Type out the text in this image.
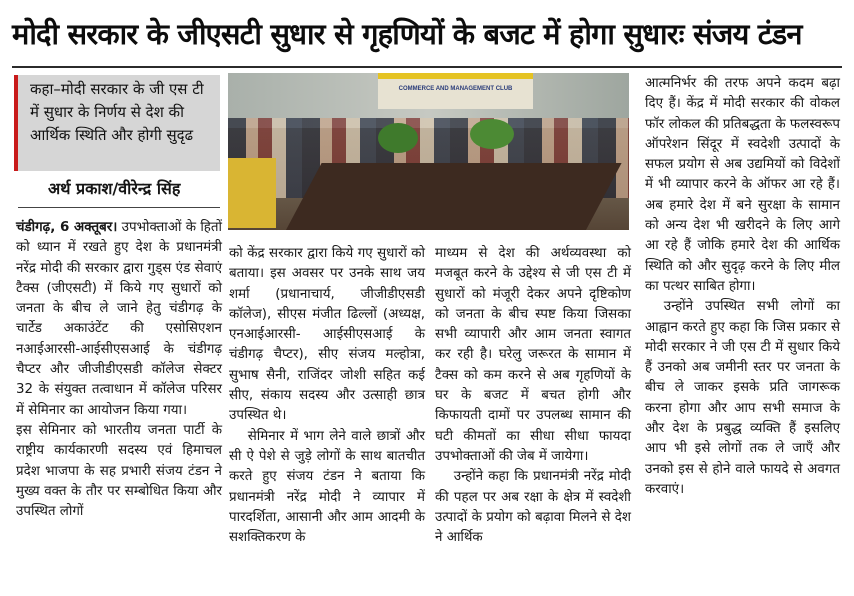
मोदी सरकार के जीएसटी सुधार से गृहणियों के बजट में होगा सुधारः संजय टंडन
कहा–मोदी सरकार के जी एस टी में सुधार के निर्णय से देश की आर्थिक स्थिति और होगी सुदृढ
अर्थ प्रकाश/वीरेन्द्र सिंह
COMMERCE AND MANAGEMENT CLUB

चंडीगढ़, 6 अक्तूबर। उपभोक्ताओं के हितों को ध्यान में रखते हुए देश के प्रधानमंत्री नरेंद्र मोदी की सरकार द्वारा गुड्स एंड सेवाएं टैक्स (जीएसटी) में किये गए सुधारों को जनता के बीच ले जाने हेतु चंडीगढ़ के चार्टेड अकाउंटेंट की एसोसिएशन नआईआरसी-आईसीएसआई के चंडीगढ़ चैप्टर और जीजीडीएसडी कॉलेज सेक्टर 32 के संयुक्त तत्वाधान में कॉलेज परिसर में सेमिनार का आयोजन किया गया।

इस सेमिनार को भारतीय जनता पार्टी के राष्ट्रीय कार्यकारणी सदस्य एवं हिमाचल प्रदेश भाजपा के सह प्रभारी संजय टंडन ने मुख्य वक्त के तौर पर सम्बोधित किया और उपस्थित लोगों

को केंद्र सरकार द्वारा किये गए सुधारों को बताया। इस अवसर पर उनके साथ जय शर्मा (प्रधानाचार्य, जीजीडीएसडी कॉलेज), सीएस मंजीत ढिल्लों (अध्यक्ष, एनआईआरसी- आईसीएसआई के चंडीगढ़ चैप्टर), सीए संजय मल्होत्रा, सुभाष सैनी, राजिंदर जोशी सहित कई सीए, संकाय सदस्य और उत्साही छात्र उपस्थित थे।

सेमिनार में भाग लेने वाले छात्रों और सी ऐ पेशे से जुड़े लोगों के साथ बातचीत करते हुए संजय टंडन ने बताया कि प्रधानमंत्री नरेंद्र मोदी ने व्यापार में पारदर्शिता, आसानी और आम आदमी के सशक्तिकरण के

माध्यम से देश की अर्थव्यवस्था को मजबूत करने के उद्देश्य से जी एस टी में सुधारों को मंजूरी देकर अपने दृष्टिकोण को जनता के बीच स्पष्ट किया जिसका सभी व्यापारी और आम जनता स्वागत कर रही है। घरेलु जरूरत के सामान में टैक्स को कम करने से अब गृहणियों के घर के बजट में बचत होगी और किफायती दामों पर उपलब्ध सामान की घटी कीमतों का सीधा सीधा फायदा उपभोक्ताओं की जेब में जायेगा।

उन्होंने कहा कि प्रधानमंत्री नरेंद्र मोदी की पहल पर अब रक्षा के क्षेत्र में स्वदेशी उत्पादों के प्रयोग को बढ़ावा मिलने से देश ने आर्थिक

आत्मनिर्भर की तरफ अपने कदम बढ़ा दिए हैं। केंद्र में मोदी सरकार की वोकल फॉर लोकल की प्रतिबद्धता के फलस्वरूप ऑपरेशन सिंदूर में स्वदेशी उत्पादों के सफल प्रयोग से अब उद्यमियों को विदेशों में भी व्यापार करने के ऑफर आ रहे हैं। अब हमारे देश में बने सुरक्षा के सामान को अन्य देश भी खरीदने के लिए आगे आ रहे हैं जोकि हमारे देश की आर्थिक स्थिति को और सुदृढ़ करने के लिए मील का पत्थर साबित होगा।

उन्होंने उपस्थित सभी लोगों का आह्वान करते हुए कहा कि जिस प्रकार से मोदी सरकार ने जी एस टी में सुधार किये हैं उनको अब जमीनी स्तर पर जनता के बीच ले जाकर इसके प्रति जागरूक करना होगा और आप सभी समाज के और देश के प्रबुद्ध व्यक्ति हैं इसलिए आप भी इसे लोगों तक ले जाएँ और उनको इस से होने वाले फायदे से अवगत करवाएं।
